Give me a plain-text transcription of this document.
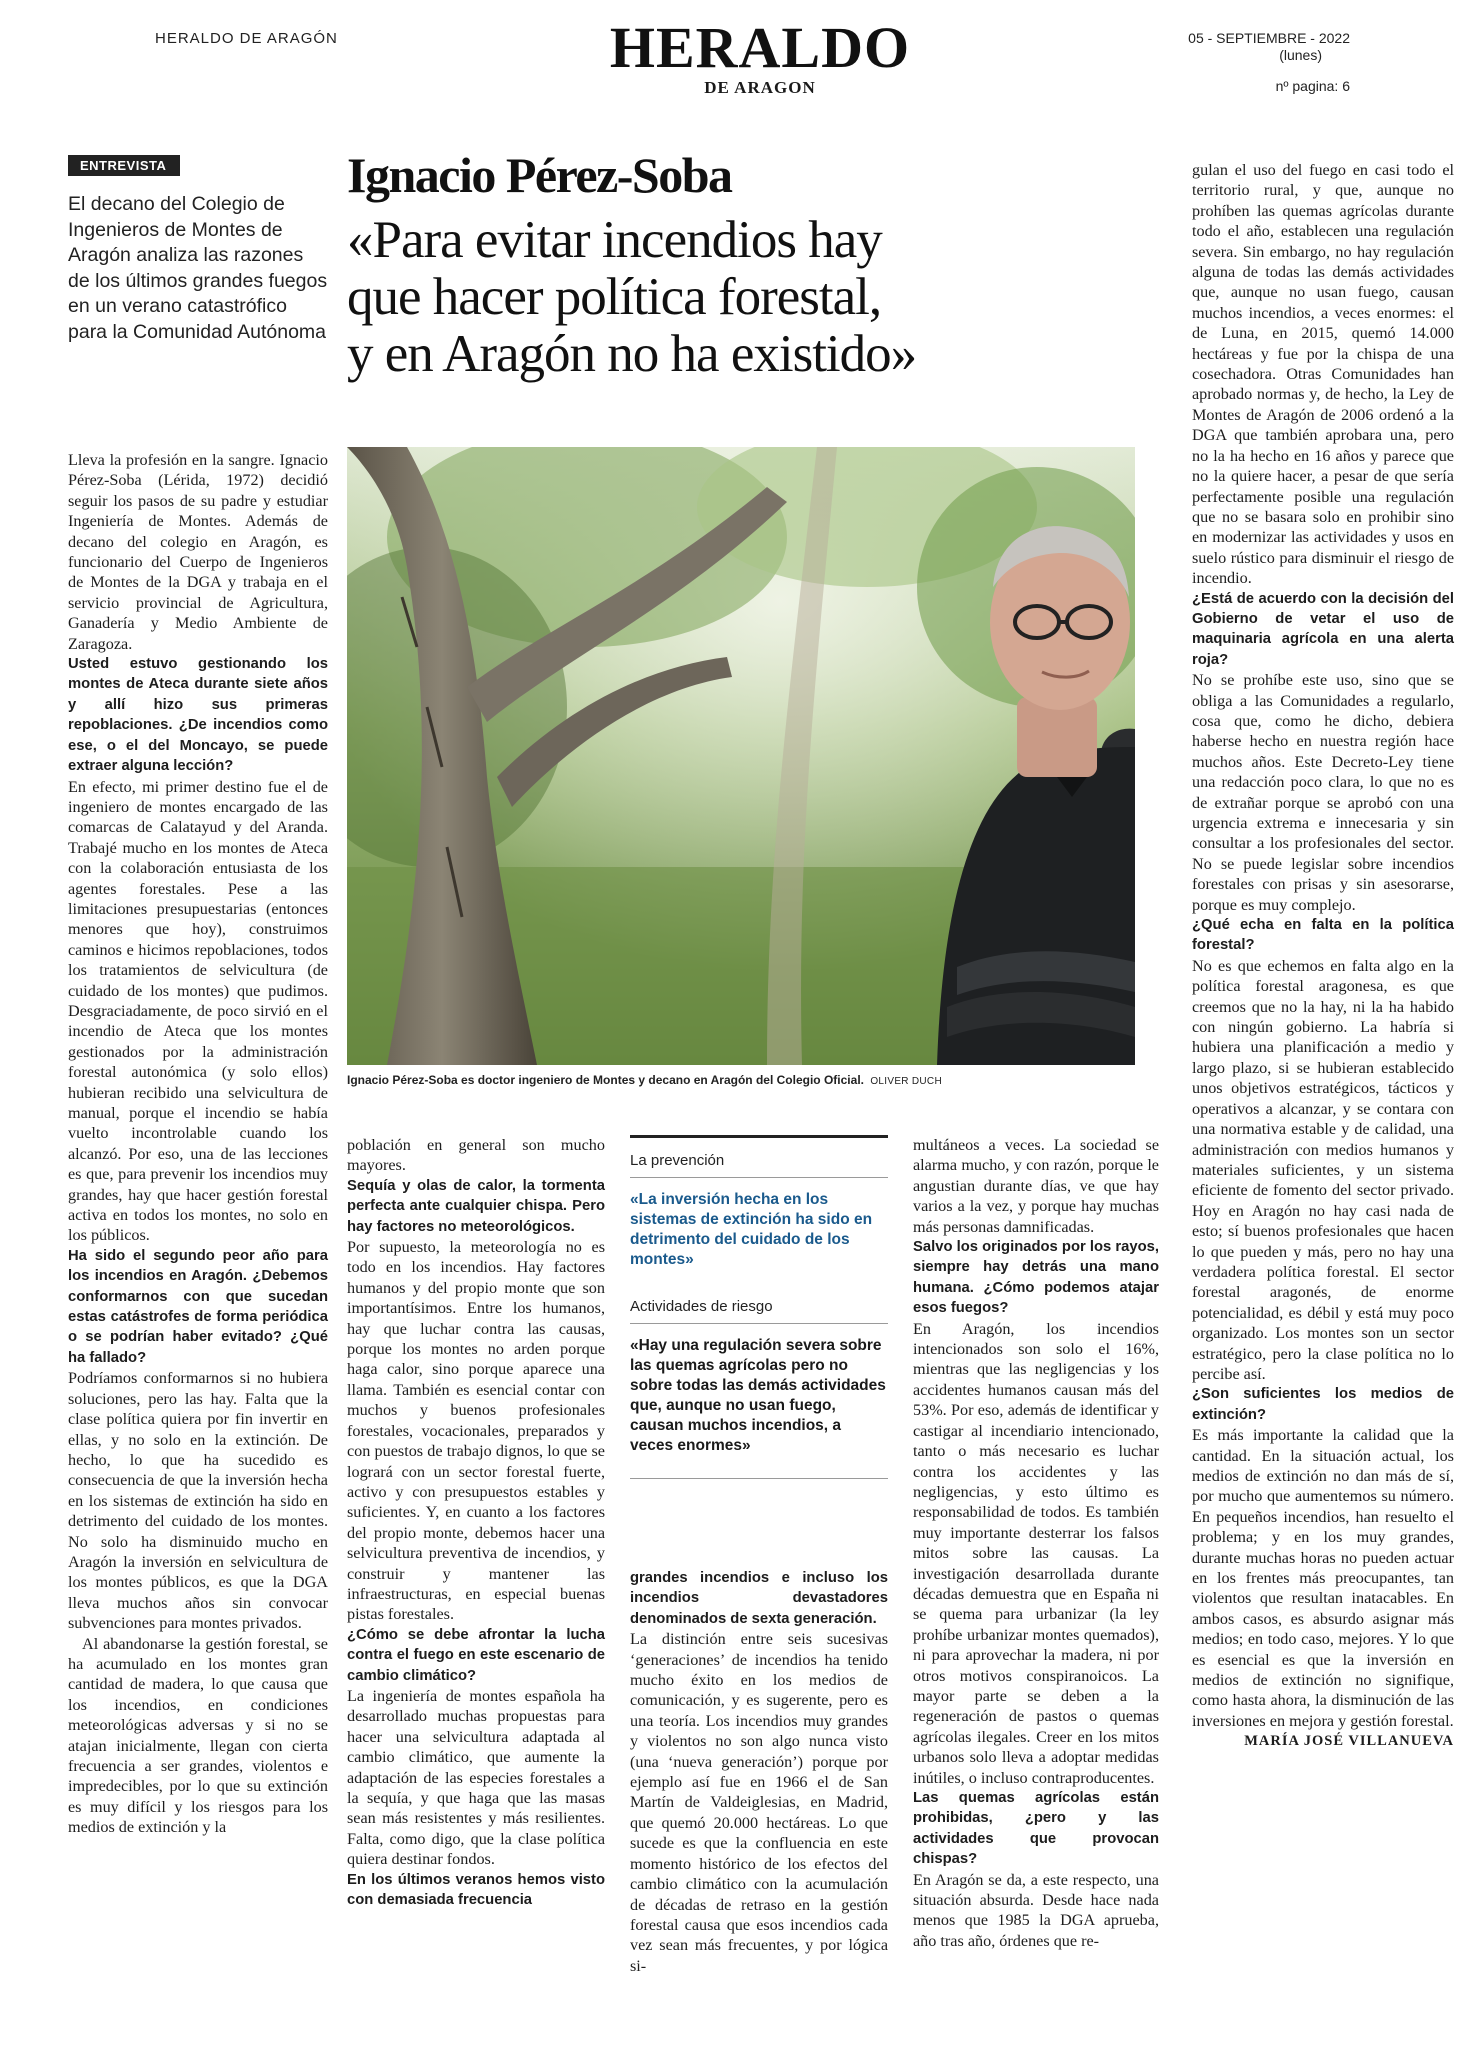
HERALDO DE ARAGÓN	HERALDO
DE ARAGON
05 - SEPTIEMBRE - 2022
(lunes)
nº pagina: 6
ENTREVISTA
El decano del Colegio de Ingenieros de Montes de Aragón analiza las razones de los últimos grandes fuegos en un verano catastrófico para la Comunidad Autónoma
Ignacio Pérez-Soba
«Para evitar incendios hay
que hacer política forestal,
y en Aragón no ha existido»
Ignacio Pérez-Soba es doctor ingeniero de Montes y decano en Aragón del Colegio Oficial. OLIVER DUCH

Lleva la profesión en la sangre. Ignacio Pérez-Soba (Lérida, 1972) decidió seguir los pasos de su padre y estudiar Ingeniería de Montes. Además de decano del colegio en Aragón, es funcionario del Cuerpo de Ingenieros de Montes de la DGA y trabaja en el servicio provincial de Agricultura, Ganadería y Medio Ambiente de Zaragoza.

Usted estuvo gestionando los montes de Ateca durante siete años y allí hizo sus primeras repoblaciones. ¿De incendios como ese, o el del Moncayo, se puede extraer alguna lección?

En efecto, mi primer destino fue el de ingeniero de montes encargado de las comarcas de Calatayud y del Aranda. Trabajé mucho en los montes de Ateca con la colaboración entusiasta de los agentes forestales. Pese a las limitaciones presupuestarias (entonces menores que hoy), construimos caminos e hicimos repoblaciones, todos los tratamientos de selvicultura (de cuidado de los montes) que pudimos. Desgraciadamente, de poco sirvió en el incendio de Ateca que los montes gestionados por la administración forestal autonómica (y solo ellos) hubieran recibido una selvicultura de manual, porque el incendio se había vuelto incontrolable cuando los alcanzó. Por eso, una de las lecciones es que, para prevenir los incendios muy grandes, hay que hacer gestión forestal activa en todos los montes, no solo en los públicos.

Ha sido el segundo peor año para los incendios en Aragón. ¿Debemos conformarnos con que sucedan estas catástrofes de forma periódica o se podrían haber evitado? ¿Qué ha fallado?

Podríamos conformarnos si no hubiera soluciones, pero las hay. Falta que la clase política quiera por fin invertir en ellas, y no solo en la extinción. De hecho, lo que ha sucedido es consecuencia de que la inversión hecha en los sistemas de extinción ha sido en detrimento del cuidado de los montes. No solo ha disminuido mucho en Aragón la inversión en selvicultura de los montes públicos, es que la DGA lleva muchos años sin convocar subvenciones para montes privados.

Al abandonarse la gestión forestal, se ha acumulado en los montes gran cantidad de madera, lo que causa que los incendios, en condiciones meteorológicas adversas y si no se atajan inicialmente, llegan con cierta frecuencia a ser grandes, violentos e impredecibles, por lo que su extinción es muy difícil y los riesgos para los medios de extinción y la

población en general son mucho mayores.

Sequía y olas de calor, la tormenta perfecta ante cualquier chispa. Pero hay factores no meteorológicos.

Por supuesto, la meteorología no es todo en los incendios. Hay factores humanos y del propio monte que son importantísimos. Entre los humanos, hay que luchar contra las causas, porque los montes no arden porque haga calor, sino porque aparece una llama. También es esencial contar con muchos y buenos profesionales forestales, vocacionales, preparados y con puestos de trabajo dignos, lo que se logrará con un sector forestal fuerte, activo y con presupuestos estables y suficientes. Y, en cuanto a los factores del propio monte, debemos hacer una selvicultura preventiva de incendios, y construir y mantener las infraestructuras, en especial buenas pistas forestales.

¿Cómo se debe afrontar la lucha contra el fuego en este escenario de cambio climático?

La ingeniería de montes española ha desarrollado muchas propuestas para hacer una selvicultura adaptada al cambio climático, que aumente la adaptación de las especies forestales a la sequía, y que haga que las masas sean más resistentes y más resilientes. Falta, como digo, que la clase política quiera destinar fondos.

En los últimos veranos hemos visto con demasiada frecuencia

La prevención
«La inversión hecha en los sistemas de extinción ha sido en detrimento del cuidado de los montes»
Actividades de riesgo
«Hay una regulación severa sobre las quemas agrícolas pero no sobre todas las demás actividades que, aunque no usan fuego, causan muchos incendios, a veces enormes»

grandes incendios e incluso los incendios devastadores denominados de sexta generación.

La distinción entre seis sucesivas ‘generaciones’ de incendios ha tenido mucho éxito en los medios de comunicación, y es sugerente, pero es una teoría. Los incendios muy grandes y violentos no son algo nunca visto (una ‘nueva generación’) porque por ejemplo así fue en 1966 el de San Martín de Valdeiglesias, en Madrid, que quemó 20.000 hectáreas. Lo que sucede es que la confluencia en este momento histórico de los efectos del cambio climático con la acumulación de décadas de retraso en la gestión forestal causa que esos incendios cada vez sean más frecuentes, y por lógica si-

multáneos a veces. La sociedad se alarma mucho, y con razón, porque le angustian durante días, ve que hay varios a la vez, y porque hay muchas más personas damnificadas.

Salvo los originados por los rayos, siempre hay detrás una mano humana. ¿Cómo podemos atajar esos fuegos?

En Aragón, los incendios intencionados son solo el 16%, mientras que las negligencias y los accidentes humanos causan más del 53%. Por eso, además de identificar y castigar al incendiario intencionado, tanto o más necesario es luchar contra los accidentes y las negligencias, y esto último es responsabilidad de todos. Es también muy importante desterrar los falsos mitos sobre las causas. La investigación desarrollada durante décadas demuestra que en España ni se quema para urbanizar (la ley prohíbe urbanizar montes quemados), ni para aprovechar la madera, ni por otros motivos conspiranoicos. La mayor parte se deben a la regeneración de pastos o quemas agrícolas ilegales. Creer en los mitos urbanos solo lleva a adoptar medidas inútiles, o incluso contraproducentes.

Las quemas agrícolas están prohibidas, ¿pero y las actividades que provocan chispas?

En Aragón se da, a este respecto, una situación absurda. Desde hace nada menos que 1985 la DGA aprueba, año tras año, órdenes que re-

gulan el uso del fuego en casi todo el territorio rural, y que, aunque no prohíben las quemas agrícolas durante todo el año, establecen una regulación severa. Sin embargo, no hay regulación alguna de todas las demás actividades que, aunque no usan fuego, causan muchos incendios, a veces enormes: el de Luna, en 2015, quemó 14.000 hectáreas y fue por la chispa de una cosechadora. Otras Comunidades han aprobado normas y, de hecho, la Ley de Montes de Aragón de 2006 ordenó a la DGA que también aprobara una, pero no la ha hecho en 16 años y parece que no la quiere hacer, a pesar de que sería perfectamente posible una regulación que no se basara solo en prohibir sino en modernizar las actividades y usos en suelo rústico para disminuir el riesgo de incendio.

¿Está de acuerdo con la decisión del Gobierno de vetar el uso de maquinaria agrícola en una alerta roja?

No se prohíbe este uso, sino que se obliga a las Comunidades a regularlo, cosa que, como he dicho, debiera haberse hecho en nuestra región hace muchos años. Este Decreto-Ley tiene una redacción poco clara, lo que no es de extrañar porque se aprobó con una urgencia extrema e innecesaria y sin consultar a los profesionales del sector. No se puede legislar sobre incendios forestales con prisas y sin asesorarse, porque es muy complejo.

¿Qué echa en falta en la política forestal?

No es que echemos en falta algo en la política forestal aragonesa, es que creemos que no la hay, ni la ha habido con ningún gobierno. La habría si hubiera una planificación a medio y largo plazo, si se hubieran establecido unos objetivos estratégicos, tácticos y operativos a alcanzar, y se contara con una normativa estable y de calidad, una administración con medios humanos y materiales suficientes, y un sistema eficiente de fomento del sector privado. Hoy en Aragón no hay casi nada de esto; sí buenos profesionales que hacen lo que pueden y más, pero no hay una verdadera política forestal. El sector forestal aragonés, de enorme potencialidad, es débil y está muy poco organizado. Los montes son un sector estratégico, pero la clase política no lo percibe así.

¿Son suficientes los medios de extinción?

Es más importante la calidad que la cantidad. En la situación actual, los medios de extinción no dan más de sí, por mucho que aumentemos su número. En pequeños incendios, han resuelto el problema; y en los muy grandes, durante muchas horas no pueden actuar en los frentes más preocupantes, tan violentos que resultan inatacables. En ambos casos, es absurdo asignar más medios; en todo caso, mejores. Y lo que es esencial es que la inversión en medios de extinción no signifique, como hasta ahora, la disminución de las inversiones en mejora y gestión forestal.

MARÍA JOSÉ VILLANUEVA
